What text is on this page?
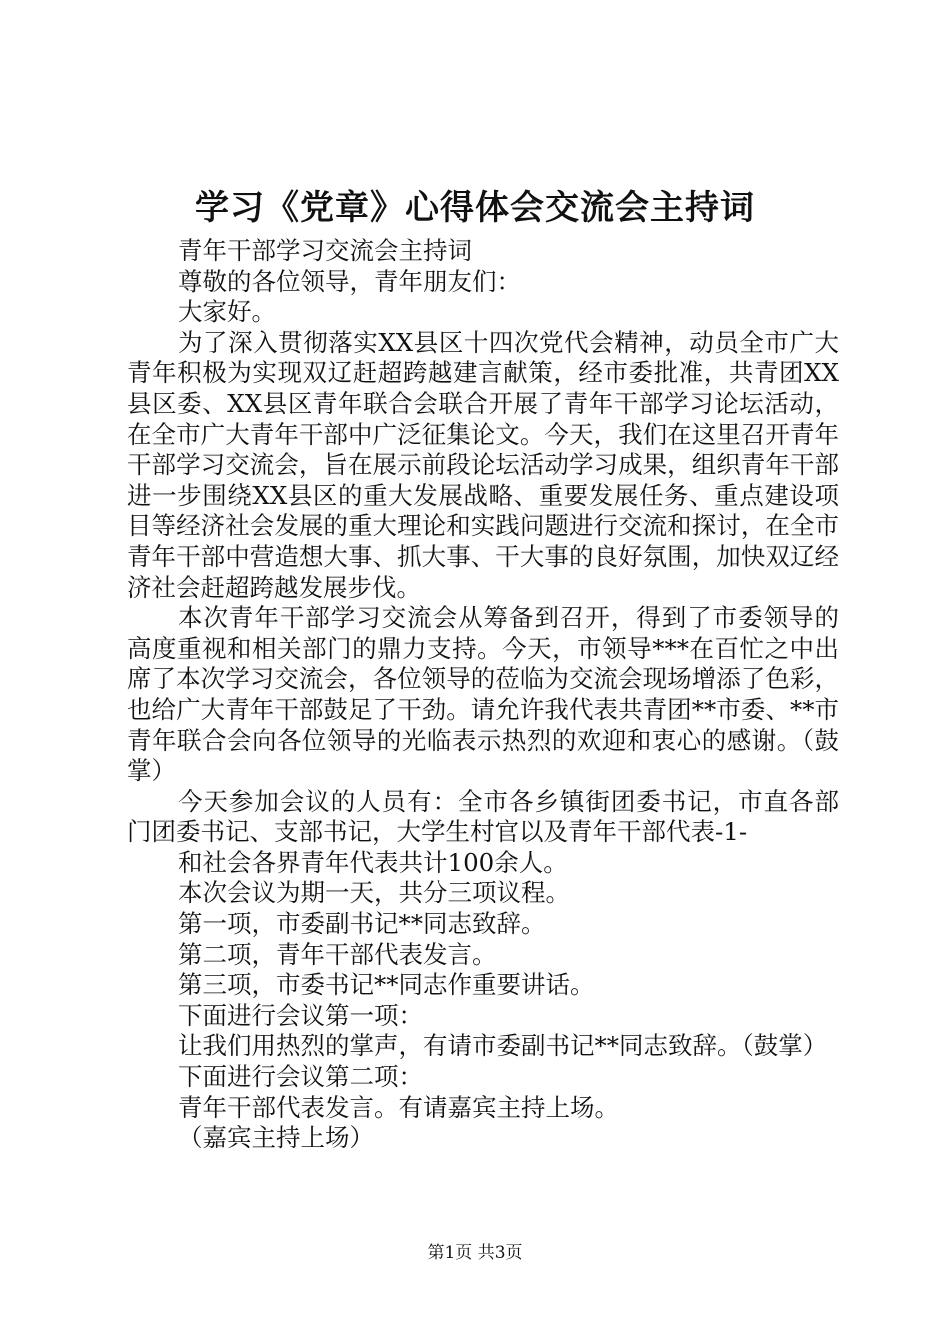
学习《党章》心得体会交流会主持词

青年干部学习交流会主持词

尊敬的各位领导，青年朋友们：

大家好。

为了深入贯彻落实XX县区十四次党代会精神，动员全市广大青年积极为实现双辽赶超跨越建言献策，经市委批准，共青团XX县区委、XX县区青年联合会联合开展了青年干部学习论坛活动，在全市广大青年干部中广泛征集论文。今天，我们在这里召开青年干部学习交流会，旨在展示前段论坛活动学习成果，组织青年干部进一步围绕XX县区的重大发展战略、重要发展任务、重点建设项目等经济社会发展的重大理论和实践问题进行交流和探讨，在全市青年干部中营造想大事、抓大事、干大事的良好氛围，加快双辽经济社会赶超跨越发展步伐。

本次青年干部学习交流会从筹备到召开，得到了市委领导的高度重视和相关部门的鼎力支持。今天，市领导***在百忙之中出席了本次学习交流会，各位领导的莅临为交流会现场增添了色彩，也给广大青年干部鼓足了干劲。请允许我代表共青团**市委、**市青年联合会向各位领导的光临表示热烈的欢迎和衷心的感谢。（鼓掌）

今天参加会议的人员有：全市各乡镇街团委书记，市直各部门团委书记、支部书记，大学生村官以及青年干部代表-1-

和社会各界青年代表共计100余人。

本次会议为期一天，共分三项议程。

第一项，市委副书记**同志致辞。

第二项，青年干部代表发言。

第三项，市委书记**同志作重要讲话。

下面进行会议第一项：

让我们用热烈的掌声，有请市委副书记**同志致辞。（鼓掌）

下面进行会议第二项：

青年干部代表发言。有请嘉宾主持上场。

（嘉宾主持上场）

第1页 共3页
